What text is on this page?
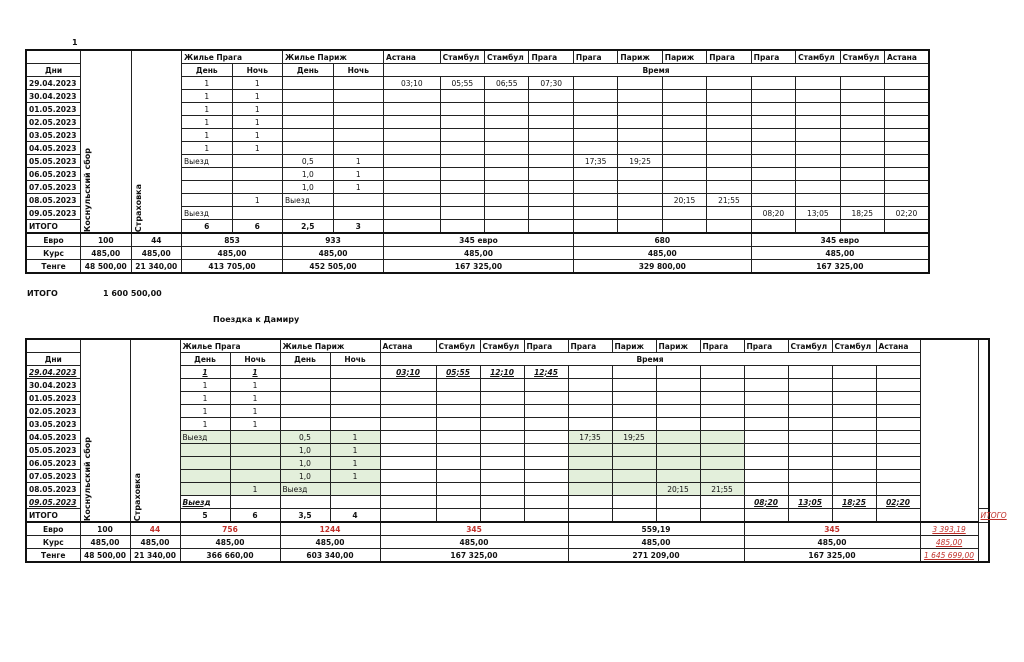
1

	Коснульский сбор	Страховка	Жилье Прага		Жилье Париж		Астана	Стамбул	Стамбул	Прага	Прага	Париж	Париж	Прага	Прага	Стамбул	Стамбул	Астана
Дни			День	Ночь	День	Ночь	Время											
29.04.2023			1	1			03;10	05;55	06;55	07;30								
30.04.2023			1	1														
01.05.2023			1	1														
02.05.2023			1	1														
03.05.2023			1	1														
04.05.2023			1	1														
05.05.2023			Выезд		0,5	1					17;35	19;25						
06.05.2023					1,0	1												
07.05.2023					1,0	1												
08.05.2023				1	Выезд								20;15	21;55				
09.05.2023			Выезд												08;20	13;05	18;25	02;20
ИТОГО			6	6	2,5	3												
Евро	100	44	853		933		345 евро				680				345 евро			
Курс	485,00	485,00	485,00		485,00		485,00				485,00				485,00			
Тенге	48 500,00	21 340,00	413 705,00		452 505,00		167 325,00				329 800,00				167 325,00			
ИТОГО	1 600 500,00
Поездка к Дамиру

	Коснульский сбор	Страховка	Жилье Прага		Жилье Париж		Астана	Стамбул	Стамбул	Прага	Прага	Париж	Париж	Прага	Прага	Стамбул	Стамбул	Астана		
Дни			День	Ночь	День	Ночь	Время													
29.04.2023			1	1			03;10	05;55	12;10	12;45										
30.04.2023			1	1																
01.05.2023			1	1																
02.05.2023			1	1																
03.05.2023			1	1																
04.05.2023			Выезд		0,5	1					17;35	19;25								
05.05.2023					1,0	1														
06.05.2023					1,0	1														
07.05.2023					1,0	1														
08.05.2023				1	Выезд								20;15	21;55						
09.05.2023			Выезд												08;20	13;05	18;25	02;20		
ИТОГО			5	6	3,5	4														ИТОГО
Евро	100	44	756		1244		345				559,19				345				3 393,19	
Курс	485,00	485,00	485,00		485,00		485,00				485,00				485,00				485,00	
Тенге	48 500,00	21 340,00	366 660,00		603 340,00		167 325,00				271 209,00				167 325,00				1 645 699,00	
